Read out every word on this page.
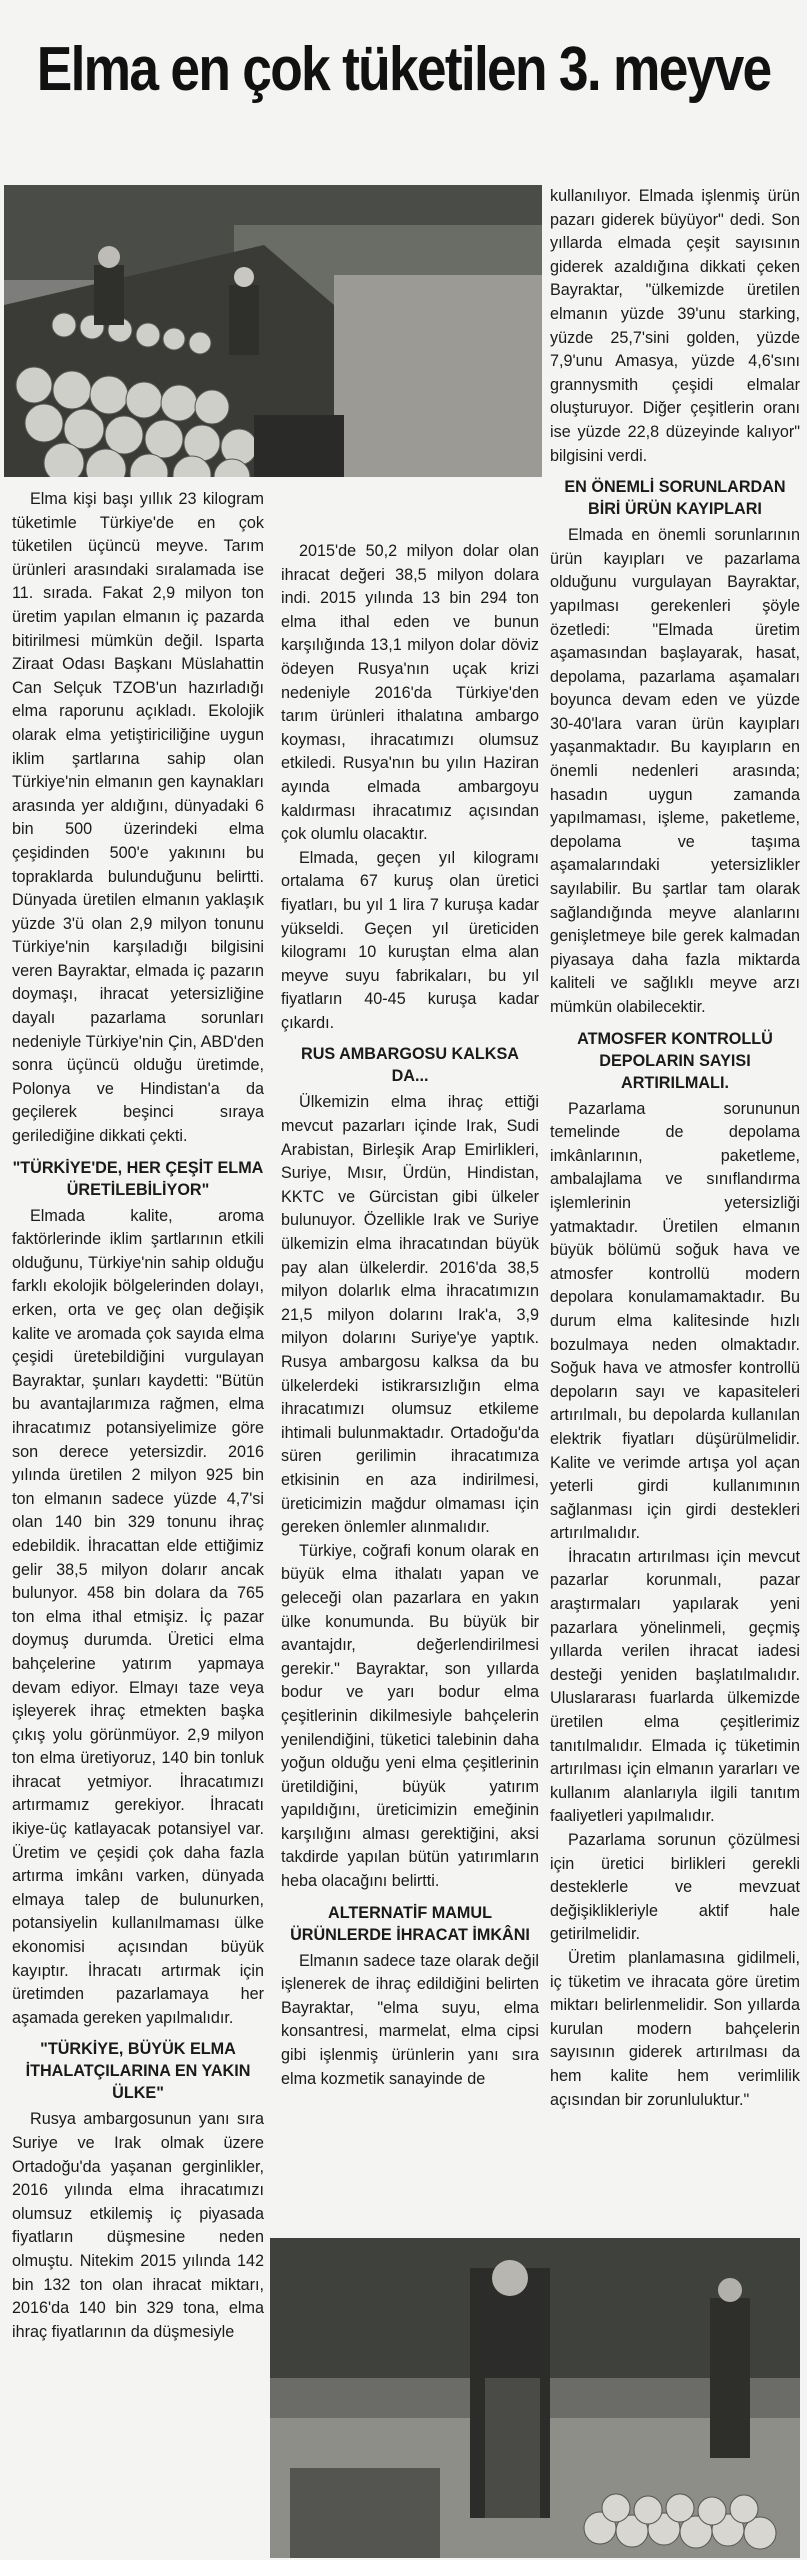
Elma en çok tüketilen 3. meyve

Elma kişi başı yıllık 23 kilogram tüketimle Türkiye'de en çok tüketilen üçüncü meyve. Tarım ürünleri arasındaki sıralamada ise 11. sırada. Fakat 2,9 milyon ton üretim yapılan elmanın iç pazarda bitirilmesi mümkün değil. Isparta Ziraat Odası Başkanı Müslahattin Can Selçuk TZOB'un hazırladığı elma raporunu açıkladı. Ekolojik olarak elma yetiştiriciliğine uygun iklim şartlarına sahip olan Türkiye'nin elmanın gen kaynakları arasında yer aldığını, dünyadaki 6 bin 500 üzerindeki elma çeşidinden 500'e yakınını bu topraklarda bulunduğunu belirtti. Dünyada üretilen elmanın yaklaşık yüzde 3'ü olan 2,9 milyon tonunu Türkiye'nin karşıladığı bilgisini veren Bayraktar, elmada iç pazarın doymaşı, ihracat yetersizliğine dayalı pazarlama sorunları nedeniyle Türkiye'nin Çin, ABD'den sonra üçüncü olduğu üretimde, Polonya ve Hindistan'a da geçilerek beşinci sıraya gerilediğine dikkati çekti.

"TÜRKİYE'DE, HER ÇEŞİT ELMA ÜRETİLEBİLİYOR"

Elmada kalite, aroma faktörlerinde iklim şartlarının etkili olduğunu, Türkiye'nin sahip olduğu farklı ekolojik bölgelerinden dolayı, erken, orta ve geç olan değişik kalite ve aromada çok sayıda elma çeşidi üretebildiğini vurgulayan Bayraktar, şunları kaydetti: "Bütün bu avantajlarımıza rağmen, elma ihracatımız potansiyelimize göre son derece yetersizdir. 2016 yılında üretilen 2 milyon 925 bin ton elmanın sadece yüzde 4,7'si olan 140 bin 329 tonunu ihraç edebildik. İhracattan elde ettiğimiz gelir 38,5 milyon dolarır ancak bulunyor. 458 bin dolara da 765 ton elma ithal etmişiz. İç pazar doymuş durumda. Üretici elma bahçelerine yatırım yapmaya devam ediyor. Elmayı taze veya işleyerek ihraç etmekten başka çıkış yolu görünmüyor. 2,9 milyon ton elma üretiyoruz, 140 bin tonluk ihracat yetmiyor. İhracatımızı artırmamız gerekiyor. İhracatı ikiye-üç katlayacak potansiyel var. Üretim ve çeşidi çok daha fazla artırma imkânı varken, dünyada elmaya talep de bulunurken, potansiyelin kullanılmaması ülke ekonomisi açısından büyük kayıptır. İhracatı artırmak için üretimden pazarlamaya her aşamada gereken yapılmalıdır.

"TÜRKİYE, BÜYÜK ELMA İTHALATÇILARINA EN YAKIN ÜLKE"

Rusya ambargosunun yanı sıra Suriye ve Irak olmak üzere Ortadoğu'da yaşanan gerginlikler, 2016 yılında elma ihracatımızı olumsuz etkilemiş iç piyasada fiyatların düşmesine neden olmuştu. Nitekim 2015 yılında 142 bin 132 ton olan ihracat miktarı, 2016'da 140 bin 329 tona, elma ihraç fiyatlarının da düşmesiyle

2015'de 50,2 milyon dolar olan ihracat değeri 38,5 milyon dolara indi. 2015 yılında 13 bin 294 ton elma ithal eden ve bunun karşılığında 13,1 milyon dolar döviz ödeyen Rusya'nın uçak krizi nedeniyle 2016'da Türkiye'den tarım ürünleri ithalatına ambargo koyması, ihracatımızı olumsuz etkiledi. Rusya'nın bu yılın Haziran ayında elmada ambargoyu kaldırması ihracatımız açısından çok olumlu olacaktır.

Elmada, geçen yıl kilogramı ortalama 67 kuruş olan üretici fiyatları, bu yıl 1 lira 7 kuruşa kadar yükseldi. Geçen yıl üreticiden kilogramı 10 kuruştan elma alan meyve suyu fabrikaları, bu yıl fiyatların 40-45 kuruşa kadar çıkardı.

RUS AMBARGOSU KALKSA DA...

Ülkemizin elma ihraç ettiği mevcut pazarları içinde Irak, Sudi Arabistan, Birleşik Arap Emirlikleri, Suriye, Mısır, Ürdün, Hindistan, KKTC ve Gürcistan gibi ülkeler bulunuyor. Özellikle Irak ve Suriye ülkemizin elma ihracatından büyük pay alan ülkelerdir. 2016'da 38,5 milyon dolarlık elma ihracatımızın 21,5 milyon dolarını Irak'a, 3,9 milyon dolarını Suriye'ye yaptık. Rusya ambargosu kalksa da bu ülkelerdeki istikrarsızlığın elma ihracatımızı olumsuz etkileme ihtimali bulunmaktadır. Ortadoğu'da süren gerilimin ihracatımıza etkisinin en aza indirilmesi, üreticimizin mağdur olmaması için gereken önlemler alınmalıdır.

Türkiye, coğrafi konum olarak en büyük elma ithalatı yapan ve geleceği olan pazarlara en yakın ülke konumunda. Bu büyük bir avantajdır, değerlendirilmesi gerekir." Bayraktar, son yıllarda bodur ve yarı bodur elma çeşitlerinin dikilmesiyle bahçelerin yenilendiğini, tüketici talebinin daha yoğun olduğu yeni elma çeşitlerinin üretildiğini, büyük yatırım yapıldığını, üreticimizin emeğinin karşılığını alması gerektiğini, aksi takdirde yapılan bütün yatırımların heba olacağını belirtti.

ALTERNATİF MAMUL ÜRÜNLERDE İHRACAT İMKÂNI

Elmanın sadece taze olarak değil işlenerek de ihraç edildiğini belirten Bayraktar, "elma suyu, elma konsantresi, marmelat, elma cipsi gibi işlenmiş ürünlerin yanı sıra elma kozmetik sanayinde de

kullanılıyor. Elmada işlenmiş ürün pazarı giderek büyüyor" dedi. Son yıllarda elmada çeşit sayısının giderek azaldığına dikkati çeken Bayraktar, "ülkemizde üretilen elmanın yüzde 39'unu starking, yüzde 25,7'sini golden, yüzde 7,9'unu Amasya, yüzde 4,6'sını grannysmith çeşidi elmalar oluşturuyor. Diğer çeşitlerin oranı ise yüzde 22,8 düzeyinde kalıyor" bilgisini verdi.

EN ÖNEMLİ SORUNLARDAN BİRİ ÜRÜN KAYIPLARI

Elmada en önemli sorunlarının ürün kayıpları ve pazarlama olduğunu vurgulayan Bayraktar, yapılması gerekenleri şöyle özetledi: "Elmada üretim aşamasından başlayarak, hasat, depolama, pazarlama aşamaları boyunca devam eden ve yüzde 30-40'lara varan ürün kayıpları yaşanmaktadır. Bu kayıpların en önemli nedenleri arasında; hasadın uygun zamanda yapılmaması, işleme, paketleme, depolama ve taşıma aşamalarındaki yetersizlikler sayılabilir. Bu şartlar tam olarak sağlandığında meyve alanlarını genişletmeye bile gerek kalmadan piyasaya daha fazla miktarda kaliteli ve sağlıklı meyve arzı mümkün olabilecektir.

ATMOSFER KONTROLLÜ DEPOLARIN SAYISI ARTIRILMALI.

Pazarlama sorununun temelinde de depolama imkânlarının, paketleme, ambalajlama ve sınıflandırma işlemlerinin yetersizliği yatmaktadır. Üretilen elmanın büyük bölümü soğuk hava ve atmosfer kontrollü modern depolara konulamamaktadır. Bu durum elma kalitesinde hızlı bozulmaya neden olmaktadır. Soğuk hava ve atmosfer kontrollü depoların sayı ve kapasiteleri artırılmalı, bu depolarda kullanılan elektrik fiyatları düşürülmelidir. Kalite ve verimde artışa yol açan yeterli girdi kullanımının sağlanması için girdi destekleri artırılmalıdır.

İhracatın artırılması için mevcut pazarlar korunmalı, pazar araştırmaları yapılarak yeni pazarlara yönelinmeli, geçmiş yıllarda verilen ihracat iadesi desteği yeniden başlatılmalıdır. Uluslararası fuarlarda ülkemizde üretilen elma çeşitlerimiz tanıtılmalıdır. Elmada iç tüketimin artırılması için elmanın yararları ve kullanım alanlarıyla ilgili tanıtım faaliyetleri yapılmalıdır.

Pazarlama sorunun çözülmesi için üretici birlikleri gerekli desteklerle ve mevzuat değişiklikleriyle aktif hale getirilmelidir.

Üretim planlamasına gidilmeli, iç tüketim ve ihracata göre üretim miktarı belirlenmelidir. Son yıllarda kurulan modern bahçelerin sayısının giderek artırılması da hem kalite hem verimlilik açısından bir zorunluluktur."
